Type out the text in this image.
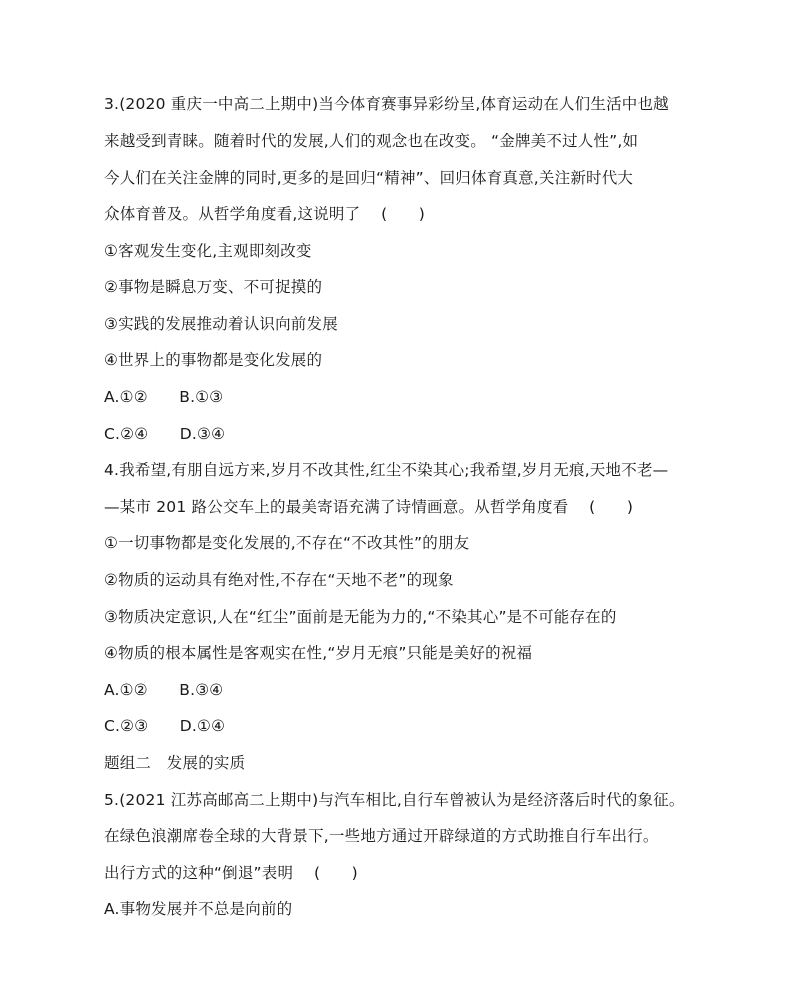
3.(2020 重庆一中高二上期中)当今体育赛事异彩纷呈,体育运动在人们生活中也越
来越受到青睐。随着时代的发展,人们的观念也在改变。 “金牌美不过人性”,如
今人们在关注金牌的同时,更多的是回归“精神”、回归体育真意,关注新时代大
众体育普及。从哲学角度看,这说明了　 (　　)
①客观发生变化,主观即刻改变
②事物是瞬息万变、不可捉摸的
③实践的发展推动着认识向前发展
④世界上的事物都是变化发展的
A.①②　　B.①③
C.②④　　D.③④
4.我希望,有朋自远方来,岁月不改其性,红尘不染其心;我希望,岁月无痕,天地不老—
—某市 201 路公交车上的最美寄语充满了诗情画意。从哲学角度看　 (　　)
①一切事物都是变化发展的,不存在“不改其性”的朋友
②物质的运动具有绝对性,不存在“天地不老”的现象
③物质决定意识,人在“红尘”面前是无能为力的,“不染其心”是不可能存在的
④物质的根本属性是客观实在性,“岁月无痕”只能是美好的祝福
A.①②　　B.③④
C.②③　　D.①④
题组二　发展的实质
5.(2021 江苏高邮高二上期中)与汽车相比,自行车曾被认为是经济落后时代的象征。
在绿色浪潮席卷全球的大背景下,一些地方通过开辟绿道的方式助推自行车出行。
出行方式的这种“倒退”表明　 (　　)
A.事物发展并不总是向前的
